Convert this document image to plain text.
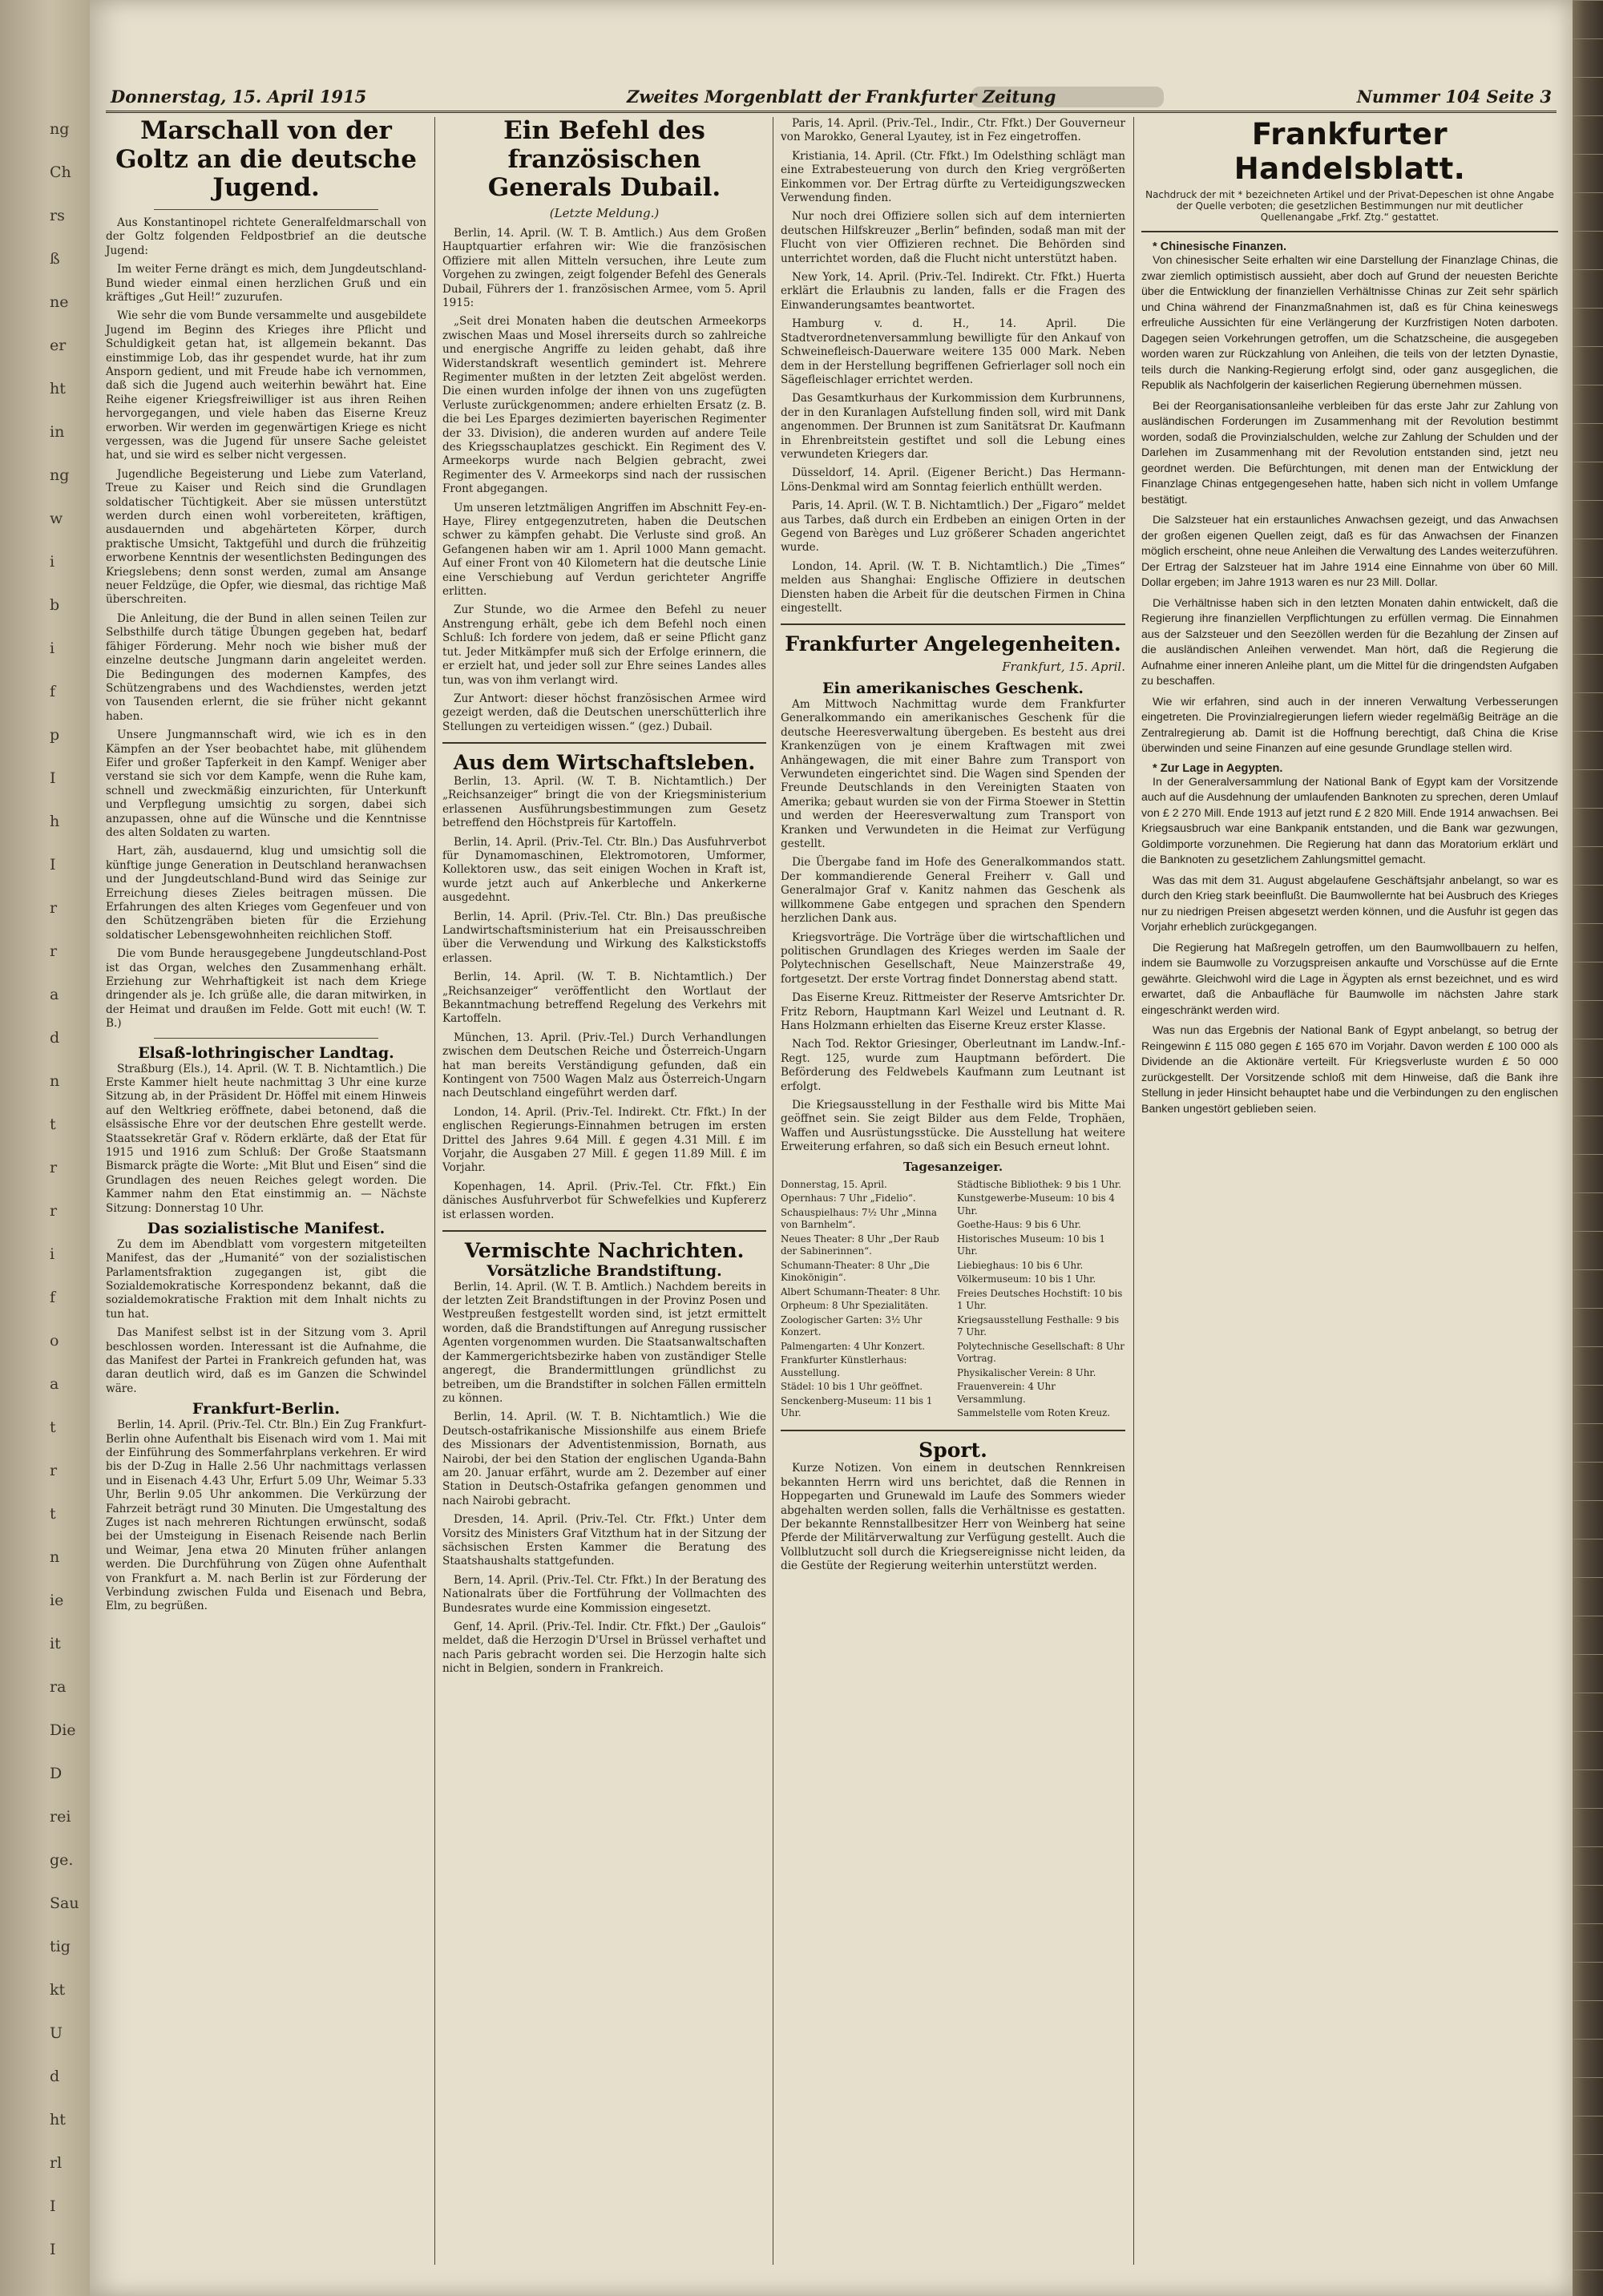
ng
Ch
rs
ß
ne
er
ht
in
ng
w
i
b
i
f
p
I
h
I
r
r
a
d
n
t
r
r
i
f
o
a
t
r
t
n
ie
it
ra
Die
D
rei
ge.
Sau
tig
kt
U
d
ht
rl
I
I
Donnerstag, 15. April 1915	Zweites Morgenblatt der Frankfurter Zeitung	Nummer 104 Seite 3
Marschall von der Goltz an die deutsche Jugend.

Aus Konstantinopel richtete Generalfeldmarschall von der Goltz folgenden Feldpostbrief an die deutsche Jugend:

Im weiter Ferne drängt es mich, dem Jungdeutschland-Bund wieder einmal einen herzlichen Gruß und ein kräftiges „Gut Heil!“ zuzurufen.

Wie sehr die vom Bunde versammelte und ausgebildete Jugend im Beginn des Krieges ihre Pflicht und Schuldigkeit getan hat, ist allgemein bekannt. Das einstimmige Lob, das ihr gespendet wurde, hat ihr zum Ansporn gedient, und mit Freude habe ich vernommen, daß sich die Jugend auch weiterhin bewährt hat. Eine Reihe eigener Kriegsfreiwilliger ist aus ihren Reihen hervorgegangen, und viele haben das Eiserne Kreuz erworben. Wir werden im gegenwärtigen Kriege es nicht vergessen, was die Jugend für unsere Sache geleistet hat, und sie wird es selber nicht vergessen.

Jugendliche Begeisterung und Liebe zum Vaterland, Treue zu Kaiser und Reich sind die Grundlagen soldatischer Tüchtigkeit. Aber sie müssen unterstützt werden durch einen wohl vorbereiteten, kräftigen, ausdauernden und abgehärteten Körper, durch praktische Umsicht, Taktgefühl und durch die frühzeitig erworbene Kenntnis der wesentlichsten Bedingungen des Kriegslebens; denn sonst werden, zumal am Ansange neuer Feldzüge, die Opfer, wie diesmal, das richtige Maß überschreiten.

Die Anleitung, die der Bund in allen seinen Teilen zur Selbsthilfe durch tätige Übungen gegeben hat, bedarf fähiger Förderung. Mehr noch wie bisher muß der einzelne deutsche Jungmann darin angeleitet werden. Die Bedingungen des modernen Kampfes, des Schützengrabens und des Wachdienstes, werden jetzt von Tausenden erlernt, die sie früher nicht gekannt haben.

Unsere Jungmannschaft wird, wie ich es in den Kämpfen an der Yser beobachtet habe, mit glühendem Eifer und großer Tapferkeit in den Kampf. Weniger aber verstand sie sich vor dem Kampfe, wenn die Ruhe kam, schnell und zweckmäßig einzurichten, für Unterkunft und Verpflegung umsichtig zu sorgen, dabei sich anzupassen, ohne auf die Wünsche und die Kenntnisse des alten Soldaten zu warten.

Hart, zäh, ausdauernd, klug und umsichtig soll die künftige junge Generation in Deutschland heranwachsen und der Jungdeutschland-Bund wird das Seinige zur Erreichung dieses Zieles beitragen müssen. Die Erfahrungen des alten Krieges vom Gegenfeuer und von den Schützengräben bieten für die Erziehung soldatischer Lebensgewohnheiten reichlichen Stoff.

Die vom Bunde herausgegebene Jungdeutschland-Post ist das Organ, welches den Zusammenhang erhält. Erziehung zur Wehrhaftigkeit ist nach dem Kriege dringender als je. Ich grüße alle, die daran mitwirken, in der Heimat und draußen im Felde. Gott mit euch! (W. T. B.)

Elsaß-lothringischer Landtag.

Straßburg (Els.), 14. April. (W. T. B. Nichtamtlich.) Die Erste Kammer hielt heute nachmittag 3 Uhr eine kurze Sitzung ab, in der Präsident Dr. Höffel mit einem Hinweis auf den Weltkrieg eröffnete, dabei betonend, daß die elsässische Ehre vor der deutschen Ehre gestellt werde. Staatssekretär Graf v. Rödern erklärte, daß der Etat für 1915 und 1916 zum Schluß: Der Große Staatsmann Bismarck prägte die Worte: „Mit Blut und Eisen“ sind die Grundlagen des neuen Reiches gelegt worden. Die Kammer nahm den Etat einstimmig an. — Nächste Sitzung: Donnerstag 10 Uhr.

Das sozialistische Manifest.

Zu dem im Abendblatt vom vorgestern mitgeteilten Manifest, das der „Humanité“ von der sozialistischen Parlamentsfraktion zugegangen ist, gibt die Sozialdemokratische Korrespondenz bekannt, daß die sozialdemokratische Fraktion mit dem Inhalt nichts zu tun hat.

Das Manifest selbst ist in der Sitzung vom 3. April beschlossen worden. Interessant ist die Aufnahme, die das Manifest der Partei in Frankreich gefunden hat, was daran deutlich wird, daß es im Ganzen die Schwindel wäre.

Frankfurt-Berlin.

Berlin, 14. April. (Priv.-Tel. Ctr. Bln.) Ein Zug Frankfurt-Berlin ohne Aufenthalt bis Eisenach wird vom 1. Mai mit der Einführung des Sommerfahrplans verkehren. Er wird bis der D-Zug in Halle 2.56 Uhr nachmittags verlassen und in Eisenach 4.43 Uhr, Erfurt 5.09 Uhr, Weimar 5.33 Uhr, Berlin 9.05 Uhr ankommen. Die Verkürzung der Fahrzeit beträgt rund 30 Minuten. Die Umgestaltung des Zuges ist nach mehreren Richtungen erwünscht, sodaß bei der Umsteigung in Eisenach Reisende nach Berlin und Weimar, Jena etwa 20 Minuten früher anlangen werden. Die Durchführung von Zügen ohne Aufenthalt von Frankfurt a. M. nach Berlin ist zur Förderung der Verbindung zwischen Fulda und Eisenach und Bebra, Elm, zu begrüßen.

Ein Befehl des französischen Generals Dubail.
(Letzte Meldung.)

Berlin, 14. April. (W. T. B. Amtlich.) Aus dem Großen Hauptquartier erfahren wir: Wie die französischen Offiziere mit allen Mitteln versuchen, ihre Leute zum Vorgehen zu zwingen, zeigt folgender Befehl des Generals Dubail, Führers der 1. französischen Armee, vom 5. April 1915:

„Seit drei Monaten haben die deutschen Armeekorps zwischen Maas und Mosel ihrerseits durch so zahlreiche und energische Angriffe zu leiden gehabt, daß ihre Widerstandskraft wesentlich gemindert ist. Mehrere Regimenter mußten in der letzten Zeit abgelöst werden. Die einen wurden infolge der ihnen von uns zugefügten Verluste zurückgenommen; andere erhielten Ersatz (z. B. die bei Les Eparges dezimierten bayerischen Regimenter der 33. Division), die anderen wurden auf andere Teile des Kriegsschauplatzes geschickt. Ein Regiment des V. Armeekorps wurde nach Belgien gebracht, zwei Regimenter des V. Armeekorps sind nach der russischen Front abgegangen.

Um unseren letztmäligen Angriffen im Abschnitt Fey-en-Haye, Flirey entgegenzutreten, haben die Deutschen schwer zu kämpfen gehabt. Die Verluste sind groß. An Gefangenen haben wir am 1. April 1000 Mann gemacht. Auf einer Front von 40 Kilometern hat die deutsche Linie eine Verschiebung auf Verdun gerichteter Angriffe erlitten.

Zur Stunde, wo die Armee den Befehl zu neuer Anstrengung erhält, gebe ich dem Befehl noch einen Schluß: Ich fordere von jedem, daß er seine Pflicht ganz tut. Jeder Mitkämpfer muß sich der Erfolge erinnern, die er erzielt hat, und jeder soll zur Ehre seines Landes alles tun, was von ihm verlangt wird.

Zur Antwort: dieser höchst französischen Armee wird gezeigt werden, daß die Deutschen unerschütterlich ihre Stellungen zu verteidigen wissen.“ (gez.) Dubail.

Aus dem Wirtschaftsleben.

Berlin, 13. April. (W. T. B. Nichtamtlich.) Der „Reichsanzeiger“ bringt die von der Kriegsministerium erlassenen Ausführungsbestimmungen zum Gesetz betreffend den Höchstpreis für Kartoffeln.

Berlin, 14. April. (Priv.-Tel. Ctr. Bln.) Das Ausfuhrverbot für Dynamomaschinen, Elektromotoren, Umformer, Kollektoren usw., das seit einigen Wochen in Kraft ist, wurde jetzt auch auf Ankerbleche und Ankerkerne ausgedehnt.

Berlin, 14. April. (Priv.-Tel. Ctr. Bln.) Das preußische Landwirtschaftsministerium hat ein Preisausschreiben über die Verwendung und Wirkung des Kalkstickstoffs erlassen.

Berlin, 14. April. (W. T. B. Nichtamtlich.) Der „Reichsanzeiger“ veröffentlicht den Wortlaut der Bekanntmachung betreffend Regelung des Verkehrs mit Kartoffeln.

München, 13. April. (Priv.-Tel.) Durch Verhandlungen zwischen dem Deutschen Reiche und Österreich-Ungarn hat man bereits Verständigung gefunden, daß ein Kontingent von 7500 Wagen Malz aus Österreich-Ungarn nach Deutschland eingeführt werden darf.

London, 14. April. (Priv.-Tel. Indirekt. Ctr. Ffkt.) In der englischen Regierungs-Einnahmen betrugen im ersten Drittel des Jahres 9.64 Mill. £ gegen 4.31 Mill. £ im Vorjahr, die Ausgaben 27 Mill. £ gegen 11.89 Mill. £ im Vorjahr.

Kopenhagen, 14. April. (Priv.-Tel. Ctr. Ffkt.) Ein dänisches Ausfuhrverbot für Schwefelkies und Kupfererz ist erlassen worden.

Vermischte Nachrichten.
Vorsätzliche Brandstiftung.

Berlin, 14. April. (W. T. B. Amtlich.) Nachdem bereits in der letzten Zeit Brandstiftungen in der Provinz Posen und Westpreußen festgestellt worden sind, ist jetzt ermittelt worden, daß die Brandstiftungen auf Anregung russischer Agenten vorgenommen wurden. Die Staatsanwaltschaften der Kammergerichtsbezirke haben von zuständiger Stelle angeregt, die Brandermittlungen gründlichst zu betreiben, um die Brandstifter in solchen Fällen ermitteln zu können.

Berlin, 14. April. (W. T. B. Nichtamtlich.) Wie die Deutsch-ostafrikanische Missionshilfe aus einem Briefe des Missionars der Adventistenmission, Bornath, aus Nairobi, der bei den Station der englischen Uganda-Bahn am 20. Januar erfährt, wurde am 2. Dezember auf einer Station in Deutsch-Ostafrika gefangen genommen und nach Nairobi gebracht.

Dresden, 14. April. (Priv.-Tel. Ctr. Ffkt.) Unter dem Vorsitz des Ministers Graf Vitzthum hat in der Sitzung der sächsischen Ersten Kammer die Beratung des Staatshaushalts stattgefunden.

Bern, 14. April. (Priv.-Tel. Ctr. Ffkt.) In der Beratung des Nationalrats über die Fortführung der Vollmachten des Bundesrates wurde eine Kommission eingesetzt.

Genf, 14. April. (Priv.-Tel. Indir. Ctr. Ffkt.) Der „Gaulois“ meldet, daß die Herzogin D'Ursel in Brüssel verhaftet und nach Paris gebracht worden sei. Die Herzogin halte sich nicht in Belgien, sondern in Frankreich.

Paris, 14. April. (Priv.-Tel., Indir., Ctr. Ffkt.) Der Gouverneur von Marokko, General Lyautey, ist in Fez eingetroffen.

Kristiania, 14. April. (Ctr. Ffkt.) Im Odelsthing schlägt man eine Extrabesteuerung von durch den Krieg vergrößerten Einkommen vor. Der Ertrag dürfte zu Verteidigungszwecken Verwendung finden.

Nur noch drei Offiziere sollen sich auf dem internierten deutschen Hilfskreuzer „Berlin“ befinden, sodaß man mit der Flucht von vier Offizieren rechnet. Die Behörden sind unterrichtet worden, daß die Flucht nicht unterstützt haben.

New York, 14. April. (Priv.-Tel. Indirekt. Ctr. Ffkt.) Huerta erklärt die Erlaubnis zu landen, falls er die Fragen des Einwanderungsamtes beantwortet.

Hamburg v. d. H., 14. April. Die Stadtverordnetenversammlung bewilligte für den Ankauf von Schweinefleisch-Dauerware weitere 135 000 Mark. Neben dem in der Herstellung begriffenen Gefrierlager soll noch ein Sägefleischlager errichtet werden.

Das Gesamtkurhaus der Kurkommission dem Kurbrunnens, der in den Kuranlagen Aufstellung finden soll, wird mit Dank angenommen. Der Brunnen ist zum Sanitätsrat Dr. Kaufmann in Ehrenbreitstein gestiftet und soll die Lebung eines verwundeten Kriegers dar.

Düsseldorf, 14. April. (Eigener Bericht.) Das Hermann-Löns-Denkmal wird am Sonntag feierlich enthüllt werden.

Paris, 14. April. (W. T. B. Nichtamtlich.) Der „Figaro“ meldet aus Tarbes, daß durch ein Erdbeben an einigen Orten in der Gegend von Barèges und Luz größerer Schaden angerichtet wurde.

London, 14. April. (W. T. B. Nichtamtlich.) Die „Times“ melden aus Shanghai: Englische Offiziere in deutschen Diensten haben die Arbeit für die deutschen Firmen in China eingestellt.

Frankfurter Angelegenheiten.
Frankfurt, 15. April.
Ein amerikanisches Geschenk.

Am Mittwoch Nachmittag wurde dem Frankfurter Generalkommando ein amerikanisches Geschenk für die deutsche Heeresverwaltung übergeben. Es besteht aus drei Krankenzügen von je einem Kraftwagen mit zwei Anhängewagen, die mit einer Bahre zum Transport von Verwundeten eingerichtet sind. Die Wagen sind Spenden der Freunde Deutschlands in den Vereinigten Staaten von Amerika; gebaut wurden sie von der Firma Stoewer in Stettin und werden der Heeresverwaltung zum Transport von Kranken und Verwundeten in die Heimat zur Verfügung gestellt.

Die Übergabe fand im Hofe des Generalkommandos statt. Der kommandierende General Freiherr v. Gall und Generalmajor Graf v. Kanitz nahmen das Geschenk als willkommene Gabe entgegen und sprachen den Spendern herzlichen Dank aus.

Kriegsvorträge. Die Vorträge über die wirtschaftlichen und politischen Grundlagen des Krieges werden im Saale der Polytechnischen Gesellschaft, Neue Mainzerstraße 49, fortgesetzt. Der erste Vortrag findet Donnerstag abend statt.

Das Eiserne Kreuz. Rittmeister der Reserve Amtsrichter Dr. Fritz Reborn, Hauptmann Karl Weizel und Leutnant d. R. Hans Holzmann erhielten das Eiserne Kreuz erster Klasse.

Nach Tod. Rektor Griesinger, Oberleutnant im Landw.-Inf.-Regt. 125, wurde zum Hauptmann befördert. Die Beförderung des Feldwebels Kaufmann zum Leutnant ist erfolgt.

Die Kriegsausstellung in der Festhalle wird bis Mitte Mai geöffnet sein. Sie zeigt Bilder aus dem Felde, Trophäen, Waffen und Ausrüstungsstücke. Die Ausstellung hat weitere Erweiterung erfahren, so daß sich ein Besuch erneut lohnt.

Tagesanzeiger.

Donnerstag, 15. April.

Opernhaus: 7 Uhr „Fidelio“.

Schauspielhaus: 7½ Uhr „Minna von Barnhelm“.

Neues Theater: 8 Uhr „Der Raub der Sabinerinnen“.

Schumann-Theater: 8 Uhr „Die Kinokönigin“.

Albert Schumann-Theater: 8 Uhr.

Orpheum: 8 Uhr Spezialitäten.

Zoologischer Garten: 3½ Uhr Konzert.

Palmengarten: 4 Uhr Konzert.

Frankfurter Künstlerhaus: Ausstellung.

Städel: 10 bis 1 Uhr geöffnet.

Senckenberg-Museum: 11 bis 1 Uhr.

Städtische Bibliothek: 9 bis 1 Uhr.

Kunstgewerbe-Museum: 10 bis 4 Uhr.

Goethe-Haus: 9 bis 6 Uhr.

Historisches Museum: 10 bis 1 Uhr.

Liebieghaus: 10 bis 6 Uhr.

Völkermuseum: 10 bis 1 Uhr.

Freies Deutsches Hochstift: 10 bis 1 Uhr.

Kriegsausstellung Festhalle: 9 bis 7 Uhr.

Polytechnische Gesellschaft: 8 Uhr Vortrag.

Physikalischer Verein: 8 Uhr.

Frauenverein: 4 Uhr Versammlung.

Sammelstelle vom Roten Kreuz.

Sport.

Kurze Notizen. Von einem in deutschen Rennkreisen bekannten Herrn wird uns berichtet, daß die Rennen in Hoppegarten und Grunewald im Laufe des Sommers wieder abgehalten werden sollen, falls die Verhältnisse es gestatten. Der bekannte Rennstallbesitzer Herr von Weinberg hat seine Pferde der Militärverwaltung zur Verfügung gestellt. Auch die Vollblutzucht soll durch die Kriegsereignisse nicht leiden, da die Gestüte der Regierung weiterhin unterstützt werden.

Frankfurter Handelsblatt.
Nachdruck der mit * bezeichneten Artikel und der Privat-Depeschen ist ohne Angabe der Quelle verboten; die gesetzlichen Bestimmungen nur mit deutlicher Quellenangabe „Frkf. Ztg.“ gestattet.
* Chinesische Finanzen.

Von chinesischer Seite erhalten wir eine Darstellung der Finanzlage Chinas, die zwar ziemlich optimistisch aussieht, aber doch auf Grund der neuesten Berichte über die Entwicklung der finanziellen Verhältnisse Chinas zur Zeit sehr spärlich und China während der Finanzmaßnahmen ist, daß es für China keineswegs erfreuliche Aussichten für eine Verlängerung der Kurzfristigen Noten darboten. Dagegen seien Vorkehrungen getroffen, um die Schatzscheine, die ausgegeben worden waren zur Rückzahlung von Anleihen, die teils von der letzten Dynastie, teils durch die Nanking-Regierung erfolgt sind, oder ganz ausgeglichen, die Republik als Nachfolgerin der kaiserlichen Regierung übernehmen müssen.

Bei der Reorganisationsanleihe verbleiben für das erste Jahr zur Zahlung von ausländischen Forderungen im Zusammenhang mit der Revolution bestimmt worden, sodaß die Provinzialschulden, welche zur Zahlung der Schulden und der Darlehen im Zusammenhang mit der Revolution entstanden sind, jetzt neu geordnet werden. Die Befürchtungen, mit denen man der Entwicklung der Finanzlage Chinas entgegengesehen hatte, haben sich nicht in vollem Umfange bestätigt.

Die Salzsteuer hat ein erstaunliches Anwachsen gezeigt, und das Anwachsen der großen eigenen Quellen zeigt, daß es für das Anwachsen der Finanzen möglich erscheint, ohne neue Anleihen die Verwaltung des Landes weiterzuführen. Der Ertrag der Salzsteuer hat im Jahre 1914 eine Einnahme von über 60 Mill. Dollar ergeben; im Jahre 1913 waren es nur 23 Mill. Dollar.

Die Verhältnisse haben sich in den letzten Monaten dahin entwickelt, daß die Regierung ihre finanziellen Verpflichtungen zu erfüllen vermag. Die Einnahmen aus der Salzsteuer und den Seezöllen werden für die Bezahlung der Zinsen auf die ausländischen Anleihen verwendet. Man hört, daß die Regierung die Aufnahme einer inneren Anleihe plant, um die Mittel für die dringendsten Aufgaben zu beschaffen.

Wie wir erfahren, sind auch in der inneren Verwaltung Verbesserungen eingetreten. Die Provinzialregierungen liefern wieder regelmäßig Beiträge an die Zentralregierung ab. Damit ist die Hoffnung berechtigt, daß China die Krise überwinden und seine Finanzen auf eine gesunde Grundlage stellen wird.

* Zur Lage in Aegypten.

In der Generalversammlung der National Bank of Egypt kam der Vorsitzende auch auf die Ausdehnung der umlaufenden Banknoten zu sprechen, deren Umlauf von £ 2 270 Mill. Ende 1913 auf jetzt rund £ 2 820 Mill. Ende 1914 anwachsen. Bei Kriegsausbruch war eine Bankpanik entstanden, und die Bank war gezwungen, Goldimporte vorzunehmen. Die Regierung hat dann das Moratorium erklärt und die Banknoten zu gesetzlichem Zahlungsmittel gemacht.

Was das mit dem 31. August abgelaufene Geschäftsjahr anbelangt, so war es durch den Krieg stark beeinflußt. Die Baumwollernte hat bei Ausbruch des Krieges nur zu niedrigen Preisen abgesetzt werden können, und die Ausfuhr ist gegen das Vorjahr erheblich zurückgegangen.

Die Regierung hat Maßregeln getroffen, um den Baumwollbauern zu helfen, indem sie Baumwolle zu Vorzugspreisen ankaufte und Vorschüsse auf die Ernte gewährte. Gleichwohl wird die Lage in Ägypten als ernst bezeichnet, und es wird erwartet, daß die Anbaufläche für Baumwolle im nächsten Jahre stark eingeschränkt werden wird.

Was nun das Ergebnis der National Bank of Egypt anbelangt, so betrug der Reingewinn £ 115 080 gegen £ 165 670 im Vorjahr. Davon werden £ 100 000 als Dividende an die Aktionäre verteilt. Für Kriegsverluste wurden £ 50 000 zurückgestellt. Der Vorsitzende schloß mit dem Hinweise, daß die Bank ihre Stellung in jeder Hinsicht behauptet habe und die Verbindungen zu den englischen Banken ungestört geblieben seien.
